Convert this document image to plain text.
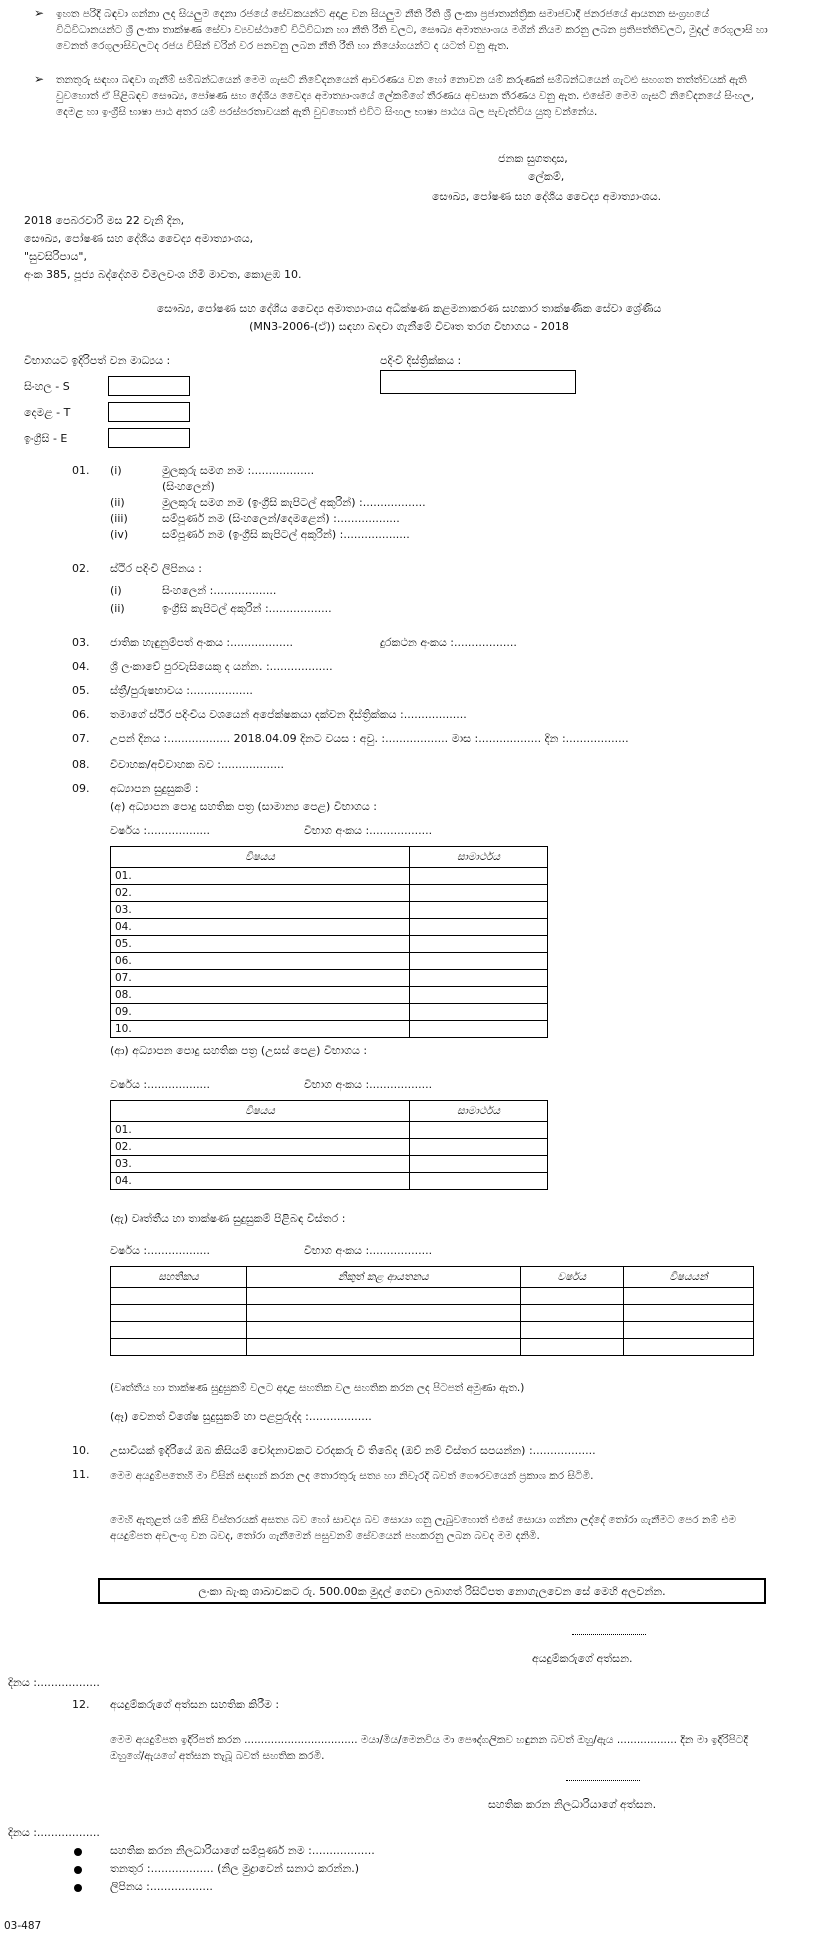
➢ ඉහත පරිදි බඳවා ගන්නා ලද සියලුම දෙනා රජයේ සේවකයන්ට අදාළ වන සියලුම නීති රීති ශ්‍රී ලංකා ප්‍රජාතාන්ත්‍රික සමාජවාදී ජනරජයේ ආයතන සංග්‍රහයේ විධිවිධානයන්ට ශ්‍රී ලංකා තාක්ෂණ සේවා ව්‍යවස්ථාවේ විධිවිධාන හා නීති රීති වලට, සෞඛ්‍ය අමාත්‍යාංශය මගින් නියම කරනු ලබන ප්‍රතිපත්තිවලට, මුදල් රෙගුලාසි හා වෙනත් රෙගුලාසිවලටද රජය විසින් වරින් වර පනවනු ලබන නීති රීති හා නියෝගයන්ට ද යටත් වනු ඇත.
➢ තනතුරු සඳහා බඳවා ගැනීම් සම්බන්ධයෙන් මෙම ගැසට් නිවේදනයෙන් ආවරණය වන හෝ නොවන යම් කරුණක් සම්බන්ධයෙන් ගැටළු සහගත තත්ත්වයක් ඇති වුවහොත් ඒ පිළිබඳව සෞඛ්‍ය, පෝෂණ සහ දේශීය වෛද්‍ය අමාත්‍යාංශයේ ලේකම්ගේ තීරණය අවසාන තීරණය වනු ඇත. එසේම මෙම ගැසට් නිවේදනයේ සිංහල, දෙමළ හා ඉංග්‍රීසි භාෂා පාඨ අතර යම් පරස්පරතාවයක් ඇති වුවහොත් එවිට සිංහල භාෂා පාඨය බල පැවැත්විය යුතු වන්නේය.
ජනක සුගතදාස,
ලේකම්,
සෞඛ්‍ය, පෝෂණ සහ දේශීය වෛද්‍ය අමාත්‍යාංශය.
2018 පෙබරවාරි මස 22 වැනි දින,
සෞඛ්‍ය, පෝෂණ සහ දේශීය වෛද්‍ය අමාත්‍යාංශය,
"සුවසිරිපාය",
අංක 385, පූජ්‍ය බද්දේගම විමලවංශ හිමි මාවත, කොළඹ 10.
සෞඛ්‍ය, පෝෂණ සහ දේශීය වෛද්‍ය අමාත්‍යාංශය අධීක්ෂණ කළමනාකරණ සහකාර තාක්ෂණික සේවා ශ්‍රේණිය
(MN3-2006-(ඒ)) සඳහා බඳවා ගැනීමේ විවෘත තරග විභාගය - 2018
විභාගයට ඉදිරිපත් වන මාධ්‍යය :	පදිංචි දිස්ත්‍රික්කය :
සිංහල - S
දෙමළ - T
ඉංග්‍රීසි - E
01. (i)	මුලකුරු සමග නම :..................
(සිංහලෙන්)
(ii)	මුලකුරු සමග නම (ඉංග්‍රීසි කැපිටල් අකුරින්) :..................
(iii)	සම්පූර්ණ නම (සිංහලෙන්/දෙමළෙන්) :..................
(iv)	සම්පූර්ණ නම (ඉංග්‍රීසි කැපිටල් අකුරින්) :...................
02. ස්ථිර පදිංචි ලිපිනය :
(i)	සිංහලෙන් :..................
(ii)	ඉංග්‍රීසි කැපිටල් අකුරින් :..................
03. ජාතික හැඳුනුම්පත් අංකය :..................	දුරකථන අංකය :..................
04. ශ්‍රී ලංකාවේ පුරවැසියෙකු ද යන්න. :..................
05. ස්ත්‍රී/පුරුෂභාවය :..................
06. තමාගේ ස්ථිර පදිංචිය වශයෙන් අපේක්ෂකයා දක්වන දිස්ත්‍රික්කය :..................
07. උපන් දිනය :.................. 2018.04.09 දිනට වයස : අවු. :.................. මාස :.................. දින :..................
08. විවාහක/අවිවාහක බව :..................
09. අධ්‍යාපන සුදුසුකම් :
(අ) අධ්‍යාපන පොදු සහතික පත්‍ර (සාමාන්‍ය පෙළ) විභාගය :
වර්ෂය :..................	විභාග අංකය :..................
විෂයය	සාමාර්ථය
01.	
02.	
03.	
04.	
05.	
06.	
07.	
08.	
09.	
10.	
(ආ) අධ්‍යාපන පොදු සහතික පත්‍ර (උසස් පෙළ) විභාගය :
වර්ෂය :..................	විභාග අංකය :..................
විෂයය	සාමාර්ථය
01.	
02.	
03.	
04.	
(ඇ) වෘත්තීය හා තාක්ෂණ සුදුසුකම් පිළිබඳ විස්තර :
වර්ෂය :..................	විභාග අංකය :..................
සහතිකය	නිකුත් කළ ආයතනය	වර්ෂය	විෂයයන්

(වෘත්තීය හා තාක්ෂණ සුදුසුකම් වලට අදාළ සහතික වල සහතික කරන ලද පිටපත් අමුණා ඇත.)
(ඈ) වෙනත් විශේෂ සුදුසුකම් හා පළපුරුද්ද :..................
10. උසාවියක් ඉදිරියේ ඔබ කිසියම් චෝදනාවකට වරදකරු වී තිබේද (ඔව් නම් විස්තර සපයන්න) :..................
11. මෙම අයදුම්පතෙහි මා විසින් සඳහන් කරන ලද තොරතුරු සත්‍ය හා නිවැරදි බවත් ගෞරවයෙන් ප්‍රකාශ කර සිටිමි.
මෙහි ඇතුළත් යම් කිසි විස්තරයක් අසත්‍ය බව හෝ සාවද්‍ය බව සොයා ගනු ලැබුවහොත් එසේ සොයා ගන්නා ලද්දේ තෝරා ගැනීමට පෙර නම් එම අයදුම්පත අවලංගු වන බවද, තෝරා ගැනීමෙන් පසුවනම් සේවයෙන් පහකරනු ලබන බවද මම දනිමි.
ලංකා බැංකු ශාඛාවකට රු. 500.00ක මුදල් ගෙවා ලබාගත් රිසිට්පත නොගැලවෙන සේ මෙහි අලවන්න.
අයදුම්කරුගේ අත්සන.
දිනය :..................
12. අයදුම්කරුගේ අත්සන සහතික කිරීම :
මෙම අයදුම්පත ඉදිරිපත් කරන .................................. මයා/මිය/මෙනවිය මා පෞද්ගලිකව හඳුනන බවත් ඔහු/ඇය .................. දින මා ඉදිරිපිටදී ඔහුගේ/ඇයගේ අත්සන තැබූ බවත් සහතික කරමි.
සහතික කරන නිලධාරියාගේ අත්සන.
දිනය :..................
සහතික කරන නිලධාරියාගේ සම්පූර්ණ නම :..................
තනතුර :.................. (නිල මුද්‍රාවෙන් සනාථ කරන්න.)
ලිපිනය :..................
03-487
